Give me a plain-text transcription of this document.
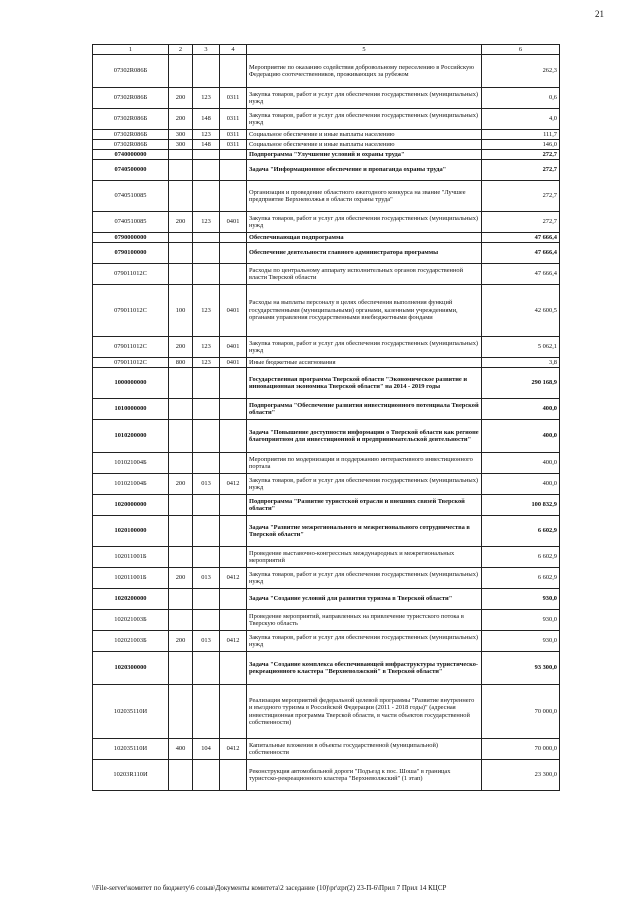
21
1	2	3	4	5	6
07302R086Б				Мероприятие по оказанию содействия добровольному переселению в Российскую Федерацию соотечественников, проживающих за рубежом	262,3
07302R086Б	200	123	0311	Закупка товаров, работ и услуг для обеспечения государственных (муниципальных) нужд	0,6
07302R086Б	200	148	0311	Закупка товаров, работ и услуг для обеспечения государственных (муниципальных) нужд	4,0
07302R086Б	300	123	0311	Социальное обеспечение и иные выплаты населению	111,7
07302R086Б	300	148	0311	Социальное обеспечение и иные выплаты населению	146,0
0740000000				Подпрограмма "Улучшение условий и охраны труда"	272,7
0740500000				Задача "Информационное обеспечение и пропаганда охраны труда"	272,7
0740510085				Организация и проведение областного ежегодного конкурса на звание "Лучшее предприятие Верхневолжья в области охраны труда"	272,7
0740510085	200	123	0401	Закупка товаров, работ и услуг для обеспечения государственных (муниципальных) нужд	272,7
0790000000				Обеспечивающая подпрограмма	47 666,4
0790100000				Обеспечение деятельности главного администратора программы	47 666,4
079011012С				Расходы по центральному аппарату исполнительных органов государственной власти Тверской области	47 666,4
079011012С	100	123	0401	Расходы на выплаты персоналу в целях обеспечения выполнения функций государственными (муниципальными) органами, казенными учреждениями, органами управления государственными внебюджетными фондами	42 600,5
079011012С	200	123	0401	Закупка товаров, работ и услуг для обеспечения государственных (муниципальных) нужд	5 062,1
079011012С	800	123	0401	Иные бюджетные ассигнования	3,8
1000000000				Государственная программа Тверской области "Экономическое развитие и инновационная экономика Тверской области" на 2014 - 2019 годы	290 168,9
1010000000				Подпрограмма "Обеспечение развития инвестиционного потенциала Тверской области"	400,0
1010200000				Задача "Повышение доступности информации о Тверской области как регионе благоприятном для инвестиционной и предпринимательской деятельности"	400,0
101021004Б				Мероприятия по модернизации и поддержанию интерактивного инвестиционного портала	400,0
101021004Б	200	013	0412	Закупка товаров, работ и услуг для обеспечения государственных (муниципальных) нужд	400,0
1020000000				Подпрограмма "Развитие туристской отрасли и внешних связей Тверской области"	100 832,9
1020100000				Задача "Развитие межрегионального и межрегионального сотрудничества в Тверской области"	6 602,9
102011001Б				Проведение выставочно-конгрессных международных и межрегиональных мероприятий	6 602,9
102011001Б	200	013	0412	Закупка товаров, работ и услуг для обеспечения государственных (муниципальных) нужд	6 602,9
1020200000				Задача "Создание условий для развития туризма в Тверской области"	930,0
102021003Б				Проведение мероприятий, направленных на привлечение туристского потока в Тверскую область	930,0
102021003Б	200	013	0412	Закупка товаров, работ и услуг для обеспечения государственных (муниципальных) нужд	930,0
1020300000				Задача "Создание комплекса обеспечивающей инфраструктуры туристическо-рекреационного кластера "Верхневолжский" в Тверской области"	93 300,0
102035110И				Реализация мероприятий федеральной целевой программы "Развитие внутреннего и въездного туризма в Российской Федерации (2011 - 2018 годы)" (адресная инвестиционная программа Тверской области, в части объектов государственной собственности)	70 000,0
102035110И	400	104	0412	Капитальные вложения в объекты государственной (муниципальной) собственности	70 000,0
10203R110И				Реконструкция автомобильной дороги "Подъезд к пос. Шоша" в границах туристско-рекреационного кластера "Верхневолжский" (1 этап)	23 300,0
\\File-server\комитет по бюджету\6 созыв\Документы комитета\2 заседание (10)\pr\zpr(2) 23-П-6\Прил 7 Прил 14 КЦСР
